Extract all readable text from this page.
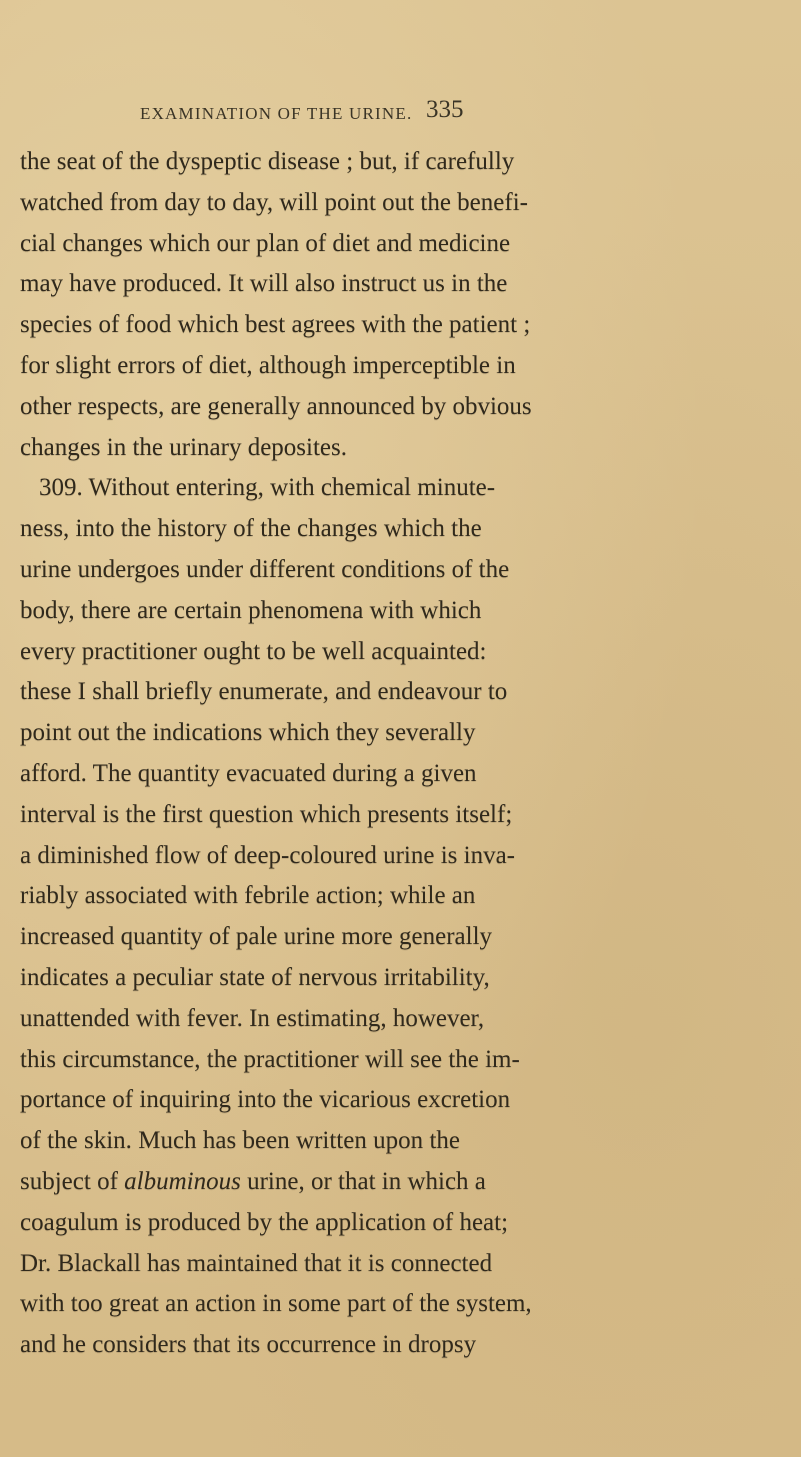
EXAMINATION OF THE URINE. 335
the seat of the dyspeptic disease ; but, if carefully
watched from day to day, will point out the benefi-
cial changes which our plan of diet and medicine
may have produced. It will also instruct us in the
species of food which best agrees with the patient ;
for slight errors of diet, although imperceptible in
other respects, are generally announced by obvious
changes in the urinary deposites.
309. Without entering, with chemical minute-
ness, into the history of the changes which the
urine undergoes under different conditions of the
body, there are certain phenomena with which
every practitioner ought to be well acquainted:
these I shall briefly enumerate, and endeavour to
point out the indications which they severally
afford. The quantity evacuated during a given
interval is the first question which presents itself;
a diminished flow of deep-coloured urine is inva-
riably associated with febrile action; while an
increased quantity of pale urine more generally
indicates a peculiar state of nervous irritability,
unattended with fever. In estimating, however,
this circumstance, the practitioner will see the im-
portance of inquiring into the vicarious excretion
of the skin. Much has been written upon the
subject of albuminous urine, or that in which a
coagulum is produced by the application of heat;
Dr. Blackall has maintained that it is connected
with too great an action in some part of the system,
and he considers that its occurrence in dropsy
